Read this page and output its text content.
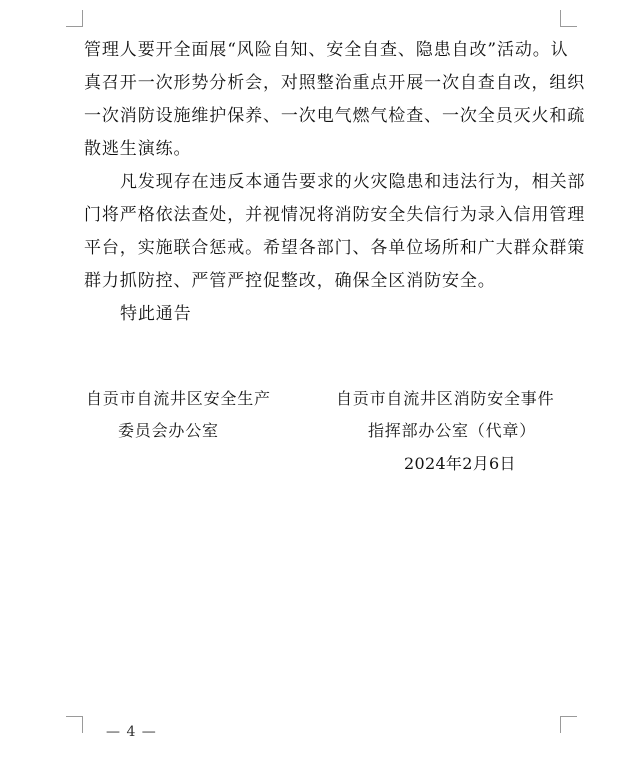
管理人要开全面展“风险自知、安全自查、隐患自改”活动。认
真召开一次形势分析会，对照整治重点开展一次自查自改，组织
一次消防设施维护保养、一次电气燃气检查、一次全员灭火和疏
散逃生演练。
凡发现存在违反本通告要求的火灾隐患和违法行为，相关部
门将严格依法查处，并视情况将消防安全失信行为录入信用管理
平台，实施联合惩戒。希望各部门、各单位场所和广大群众群策
群力抓防控、严管严控促整改，确保全区消防安全。
特此通告
自贡市自流井区安全生产
委员会办公室
自贡市自流井区消防安全事件
指挥部办公室（代章）
2024年2月6日
— 4 —
